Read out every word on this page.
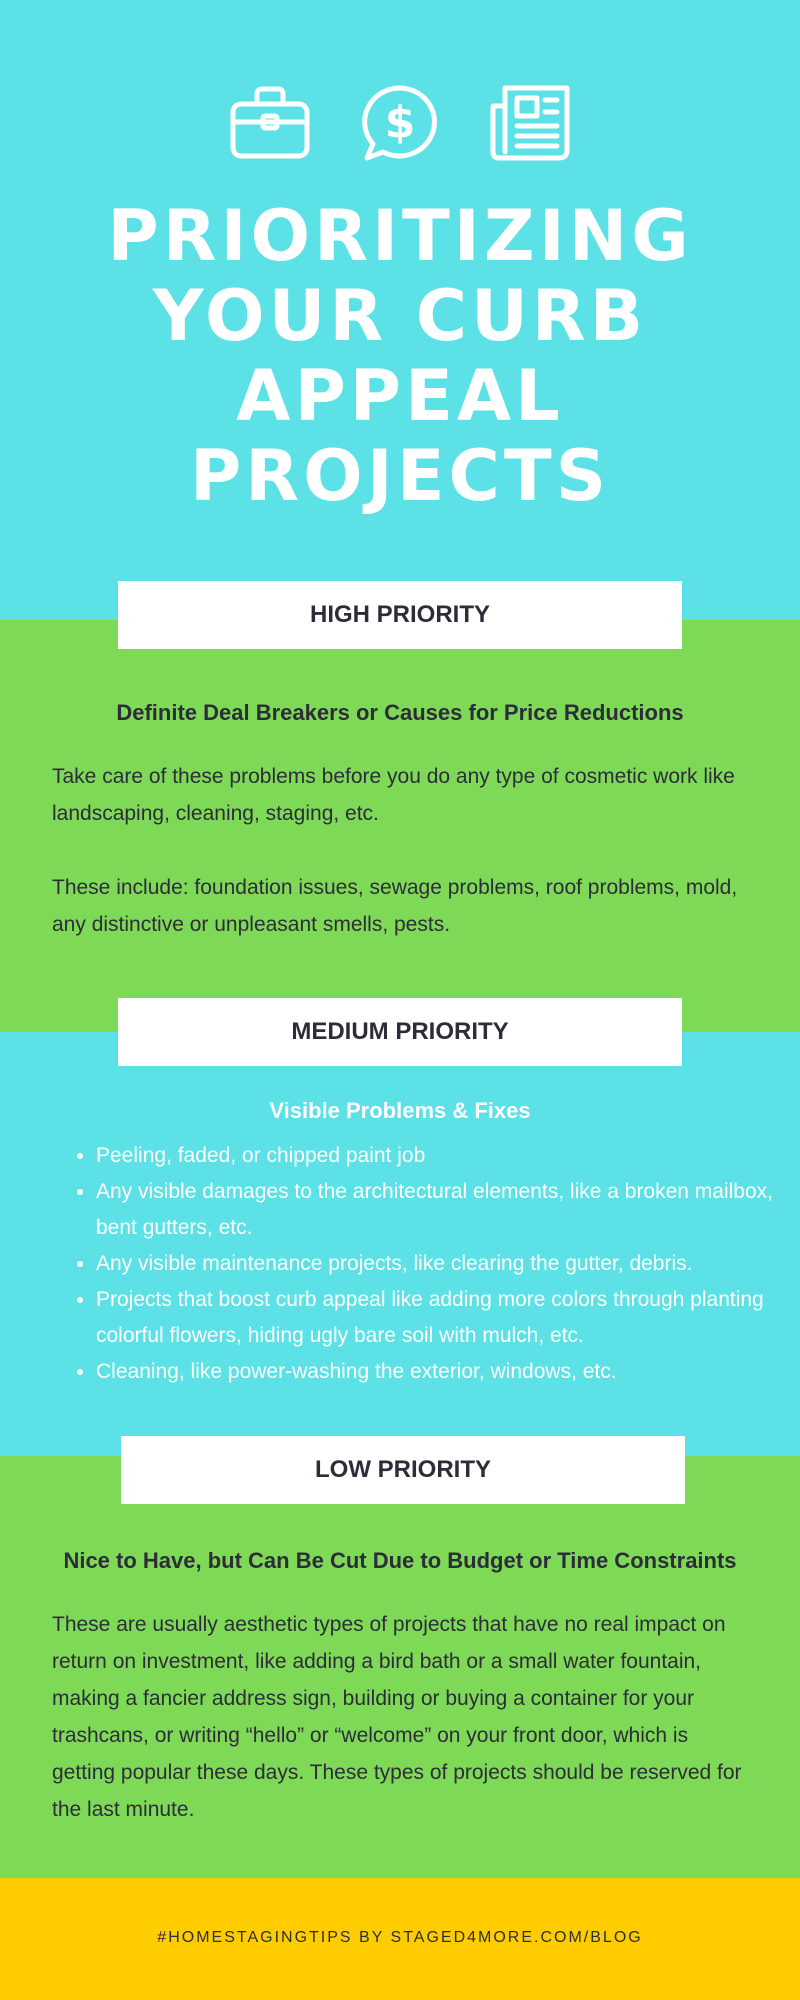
$
PRIORITIZING
YOUR CURB
APPEAL
PROJECTS
HIGH PRIORITY

Definite Deal Breakers or Causes for Price Reductions

Take care of these problems before you do any type of cosmetic work like landscaping, cleaning, staging, etc.

These include: foundation issues, sewage problems, roof problems, mold, any distinctive or unpleasant smells, pests.

MEDIUM PRIORITY

Visible Problems & Fixes

• Peeling, faded, or chipped paint job
• Any visible damages to the architectural elements, like a broken mailbox, bent gutters, etc.
• Any visible maintenance projects, like clearing the gutter, debris.
• Projects that boost curb appeal like adding more colors through planting colorful flowers, hiding ugly bare soil with mulch, etc.
• Cleaning, like power-washing the exterior, windows, etc.
LOW PRIORITY

Nice to Have, but Can Be Cut Due to Budget or Time Constraints

These are usually aesthetic types of projects that have no real impact on return on investment, like adding a bird bath or a small water fountain, making a fancier address sign, building or buying a container for your trashcans, or writing “hello” or “welcome” on your front door, which is getting popular these days. These types of projects should be reserved for the last minute.

#HOMESTAGINGTIPS BY STAGED4MORE.COM/BLOG
